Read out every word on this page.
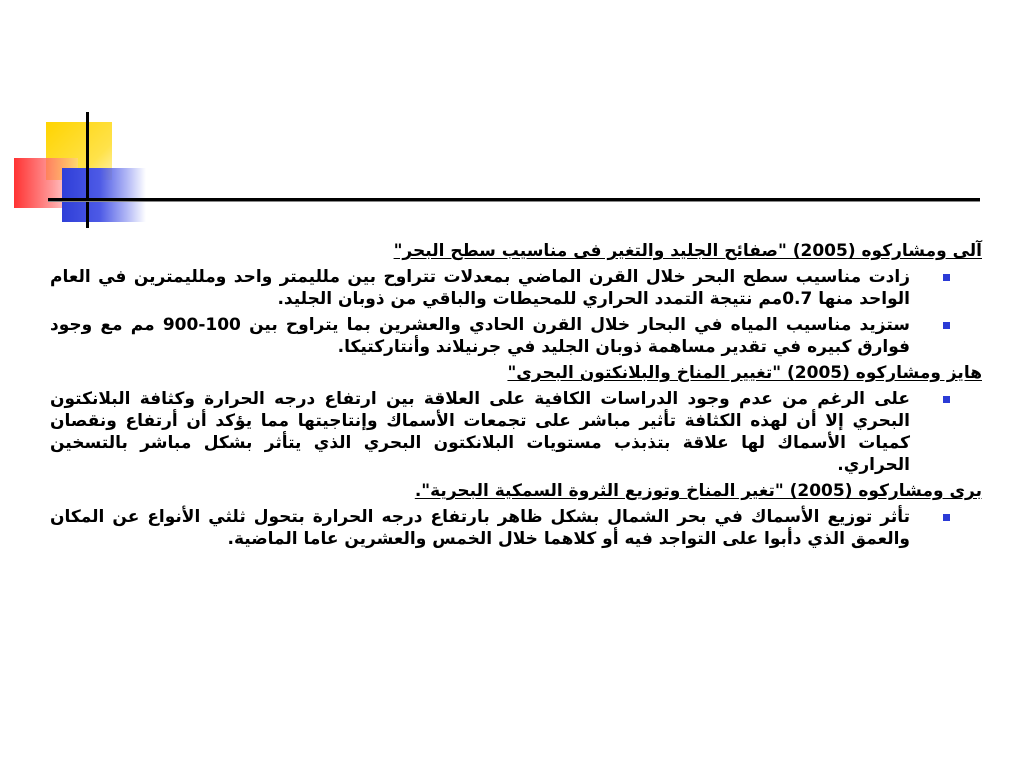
آلى ومشاركوه (2005) "صفائح الجليد والتغير فى مناسيب سطح البحر"

زادت مناسيب سطح البحر خلال القرن الماضي بمعدلات تتراوح بين ملليمتر واحد وملليمترين في العام الواحد منها 0.7مم نتيجة التمدد الحراري للمحيطات والباقي من ذوبان الجليد.
ستزيد مناسيب المياه في البحار خلال القرن الحادي والعشرين بما يتراوح بين 100-900 مم مع وجود فوارق كبيره في تقدير مساهمة ذوبان الجليد في جرنيلاند وأنتاركتيكا.

هايز ومشاركوه (2005) "تغيير المناخ والبلانكتون البحرى"

على الرغم من عدم وجود الدراسات الكافية على العلاقة بين ارتفاع درجه الحرارة وكثافة البلانكتون البحري إلا أن لهذه الكثافة تأثير مباشر على تجمعات الأسماك وإنتاجيتها مما يؤكد أن أرتفاع ونقصان كميات الأسماك لها علاقة بتذبذب مستويات البلانكتون البحري الذي يتأثر بشكل مباشر بالتسخين الحراري.

برى ومشاركوه (2005) "تغير المناخ وتوزيع الثروة السمكية البحرية".

تأثر توزيع الأسماك في بحر الشمال بشكل ظاهر بارتفاع درجه الحرارة بتحول ثلثي الأنواع عن المكان والعمق الذي دأبوا على التواجد فيه أو كلاهما خلال الخمس والعشرين عاما الماضية.
